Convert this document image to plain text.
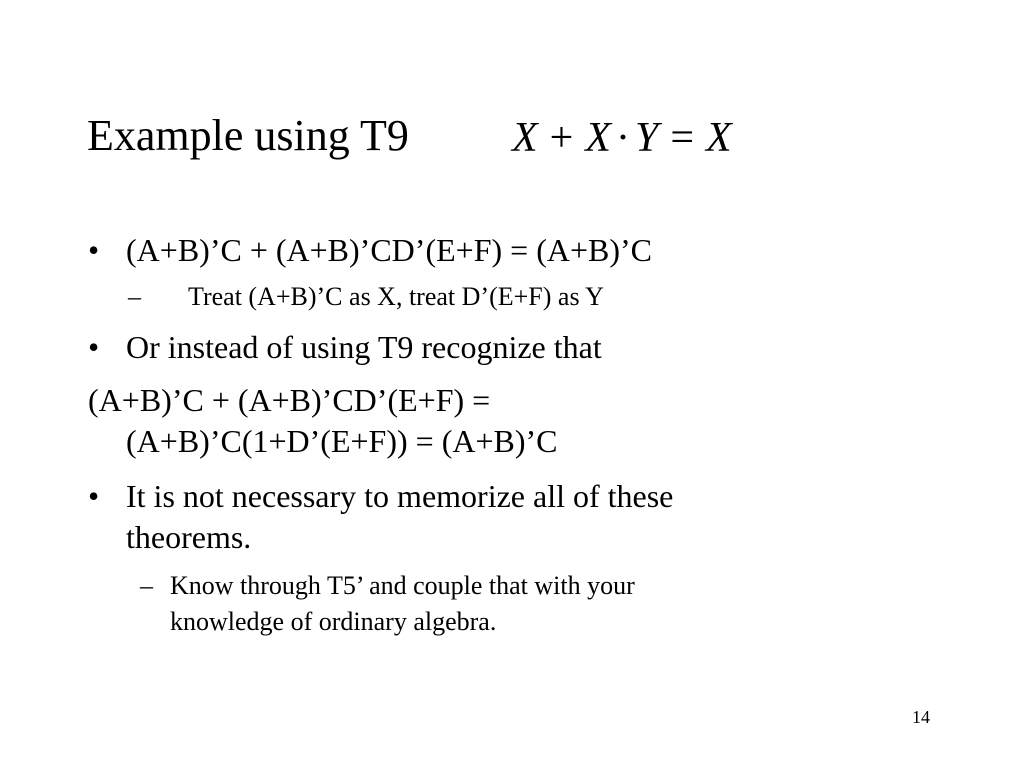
Example using T9 X + X · Y = X
• (A+B)’C + (A+B)’CD’(E+F) = (A+B)’C
– Treat (A+B)’C as X, treat D’(E+F) as Y
• Or instead of using T9 recognize that
(A+B)’C + (A+B)’CD’(E+F) =
(A+B)’C(1+D’(E+F)) = (A+B)’C
• It is not necessary to memorize all of these
theorems.
– Know through T5’ and couple that with your
knowledge of ordinary algebra.
14
